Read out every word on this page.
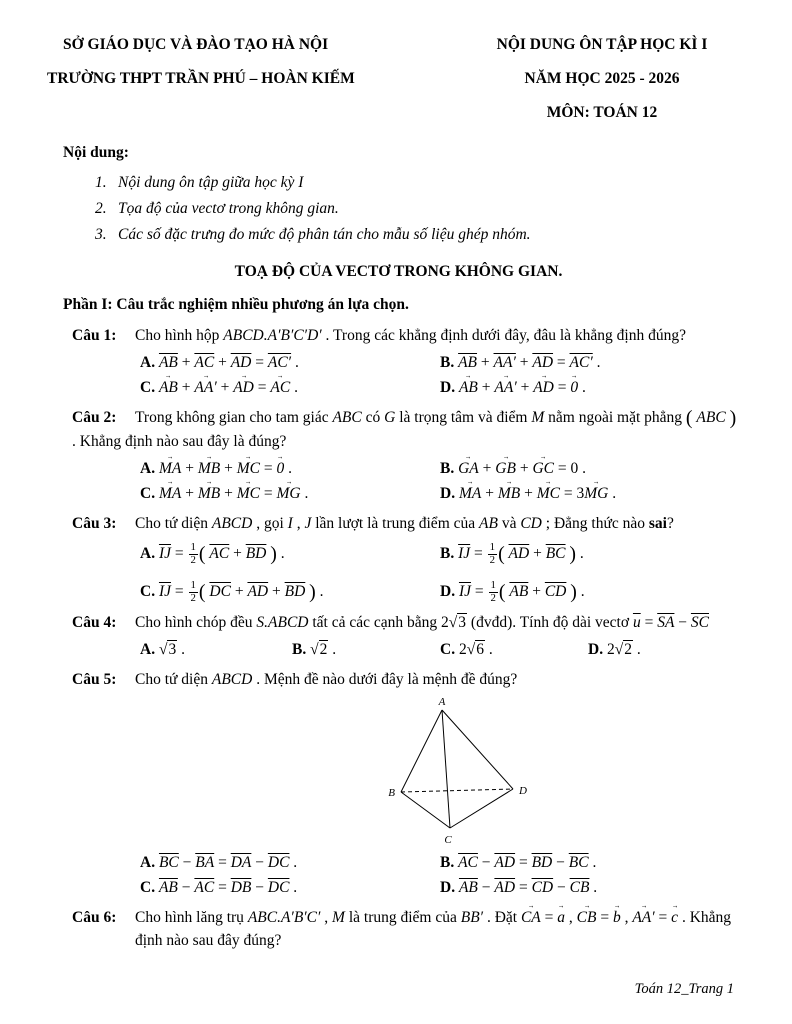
SỞ GIÁO DỤC VÀ ĐÀO TẠO HÀ NỘI
TRƯỜNG THPT TRẦN PHÚ – HOÀN KIẾM
NỘI DUNG ÔN TẬP HỌC KÌ I
NĂM HỌC 2025 - 2026
MÔN: TOÁN 12
Nội dung:
1. Nội dung ôn tập giữa học kỳ I
2. Tọa độ của vectơ trong không gian.
3. Các số đặc trưng đo mức độ phân tán cho mẫu số liệu ghép nhóm.
TOẠ ĐỘ CỦA VECTƠ TRONG KHÔNG GIAN.
Phần I: Câu trắc nghiệm nhiều phương án lựa chọn.
Câu 1: Cho hình hộp ABCD.A′B′C′D′ . Trong các khẳng định dưới đây, đâu là khẳng định đúng?
A. $\overline{AB} + \overline{AC} + \overline{AD} = AC'$ .	B. $\overline{AB} + AA' + \overline{AD} = AC'$ .
C. AB → + AA′ → + AD → = AC → .	D. AB → + AA′ → + AD → = 0 → .
Câu 2: Trong không gian cho tam giác ABC có G là trọng tâm và điểm M nằm ngoài mặt phẳng ( ABC )
. Khẳng định nào sau đây là đúng?
A. MA → + MB → + MC → = 0 → .	B. GA → + GB → + GC → = 0 .
C. MA → + MB → + MC → = MG → .	D. MA → + MB → + MC → = 3MG → .
Câu 3: Cho tứ diện ABCD , gọi I , J lần lượt là trung điểm của AB và CD ; Đẳng thức nào sai?
A. $\overline{IJ} = \frac{1}{2}$ ( $\overline{AC} + \overline{BD}$ ) .	B. $\overline{IJ} = \frac{1}{2}$ ( $\overline{AD} + \overline{BC}$ ) .
C. $\overline{IJ} = \frac{1}{2}$ ( $\overline{DC} + \overline{AD} + \overline{BD}$ ) .	D. $\overline{IJ} = \frac{1}{2}$ ( $\overline{AB} + \overline{CD}$ ) .
Câu 4: Cho hình chóp đều S.ABCD tất cả các cạnh bằng 2√3 (đvđd). Tính độ dài vectơ $\overline{u} = \overline{SA} - \overline{SC}$
A. √3 .	B. √2 .	C. 2√6 .	D. 2√2 .
Câu 5: Cho tứ diện ABCD . Mệnh đề nào dưới đây là mệnh đề đúng?
A
B
C
D
A. $\overline{BC} - \overline{BA} = \overline{DA} - \overline{DC}$ .	B. $\overline{AC} - \overline{AD} = \overline{BD} - \overline{BC}$ .
C. $\overline{AB} - \overline{AC} = \overline{DB} - \overline{DC}$ .	D. $\overline{AB} - \overline{AD} = \overline{CD} - \overline{CB}$ .
Câu 6: Cho hình lăng trụ ABC.A′B′C′ , M là trung điểm của BB′ . Đặt CA → = a → , CB → = b → , AA′ → = c → . Khẳng định nào sau đây đúng?
Toán 12_Trang 1
